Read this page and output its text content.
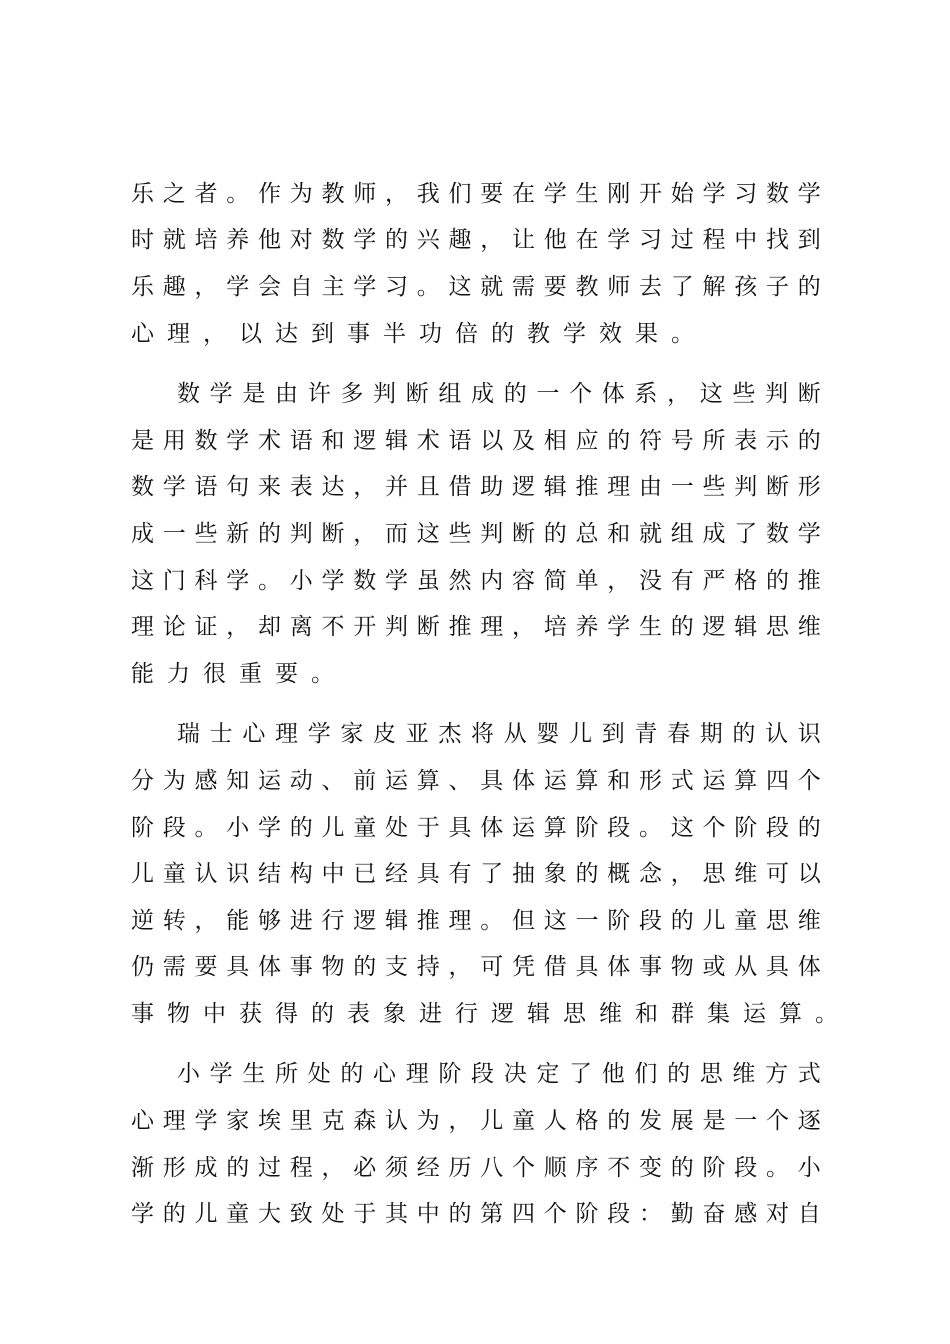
乐 之 者 。 作 为 教 师 ， 我 们 要 在 学 生 刚 开 始 学 习 数 学
时 就 培 养 他 对 数 学 的 兴 趣 ， 让 他 在 学 习 过 程 中 找 到
乐 趣 ， 学 会 自 主 学 习 。 这 就 需 要 教 师 去 了 解 孩 子 的
心 理 ， 以 达 到 事 半 功 倍 的 教 学 效 果 。
数 学 是 由 许 多 判 断 组 成 的 一 个 体 系 ， 这 些 判 断
是 用 数 学 术 语 和 逻 辑 术 语 以 及 相 应 的 符 号 所 表 示 的
数 学 语 句 来 表 达 ， 并 且 借 助 逻 辑 推 理 由 一 些 判 断 形
成 一 些 新 的 判 断 ， 而 这 些 判 断 的 总 和 就 组 成 了 数 学
这 门 科 学 。 小 学 数 学 虽 然 内 容 简 单 ， 没 有 严 格 的 推
理 论 证 ， 却 离 不 开 判 断 推 理 ， 培 养 学 生 的 逻 辑 思 维
能 力 很 重 要 。
瑞 士 心 理 学 家 皮 亚 杰 将 从 婴 儿 到 青 春 期 的 认 识
分 为 感 知 运 动 、 前 运 算 、 具 体 运 算 和 形 式 运 算 四 个
阶 段 。 小 学 的 儿 童 处 于 具 体 运 算 阶 段 。 这 个 阶 段 的
儿 童 认 识 结 构 中 已 经 具 有 了 抽 象 的 概 念 ， 思 维 可 以
逆 转 ， 能 够 进 行 逻 辑 推 理 。 但 这 一 阶 段 的 儿 童 思 维
仍 需 要 具 体 事 物 的 支 持 ， 可 凭 借 具 体 事 物 或 从 具 体
事 物 中 获 得 的 表 象 进 行 逻 辑 思 维 和 群 集 运 算 。
小 学 生 所 处 的 心 理 阶 段 决 定 了 他 们 的 思 维 方 式
心 理 学 家 埃 里 克 森 认 为 ， 儿 童 人 格 的 发 展 是 一 个 逐
渐 形 成 的 过 程 ， 必 须 经 历 八 个 顺 序 不 变 的 阶 段 。 小
学 的 儿 童 大 致 处 于 其 中 的 第 四 个 阶 段 ： 勤 奋 感 对 自
